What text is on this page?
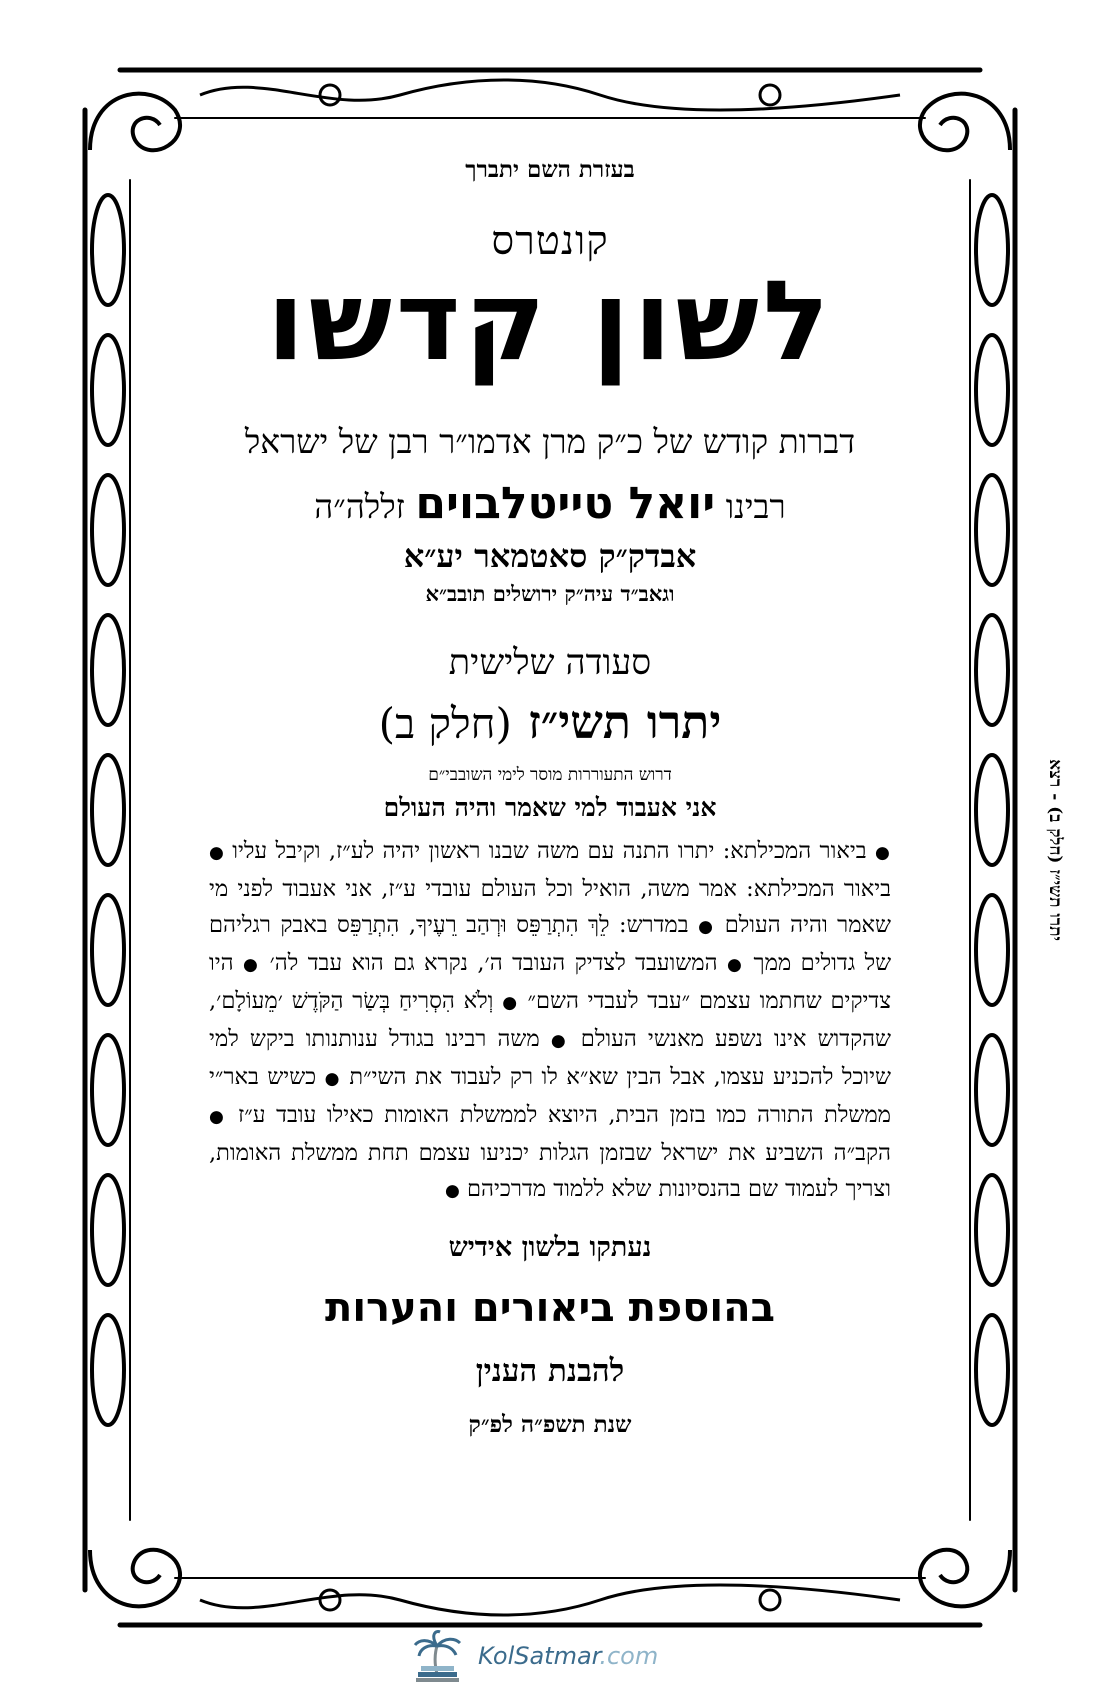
בעזרת השם יתברך

קונטרס

לשון קדשו

דברות קודש של כ״ק מרן אדמו״ר רבן של ישראל

רבינו יואל טייטלבוים זללה״ה

אבדק״ק סאטמאר יע״א

וגאב״ד עיה״ק ירושלים תובב״א

סעודה שלישית

יתרו תשי״ז (חלק ב)

דרוש התעוררות מוסר לימי השובבי״ם

אני אעבוד למי שאמר והיה העולם

● ביאור המכילתא: יתרו התנה עם משה שבנו ראשון יהיה לע״ז, וקיבל עליו ● ביאור המכילתא: אמר משה, הואיל וכל העולם עובדי ע״ז, אני אעבוד לפני מי שאמר והיה העולם ● במדרש: לֵךְ הִתְרַפֵּס וּרְהַב רֵעֶיךָ, הִתְרַפֵּס באבק רגליהם של גדולים ממך ● המשועבד לצדיק העובד ה׳, נקרא גם הוא עבד לה׳ ● היו צדיקים שחתמו עצמם ״עבד לעבדי השם״ ● וְלֹא הִסְרִיחַ בְּשַׂר הַקֹּדֶשׁ ׳מֵעוֹלָם׳, שהקדוש אינו נשפע מאנשי העולם ● משה רבינו בגודל ענותנותו ביקש למי שיוכל להכניע עצמו, אבל הבין שא״א לו רק לעבוד את השי״ת ● כשיש באר״י ממשלת התורה כמו בזמן הבית, היוצא לממשלת האומות כאילו עובד ע״ז ● הקב״ה השביע את ישראל שבזמן הגלות יכניעו עצמם תחת ממשלת האומות, וצריך לעמוד שם בהנסיונות שלא ללמוד מדרכיהם ●

נעתקו בלשון אידיש

בהוספת ביאורים והערות

להבנת הענין

שנת תשפ״ה לפ״ק

יתרו תשי״ז (חלק ב) - רצא
KolSatmar.com
